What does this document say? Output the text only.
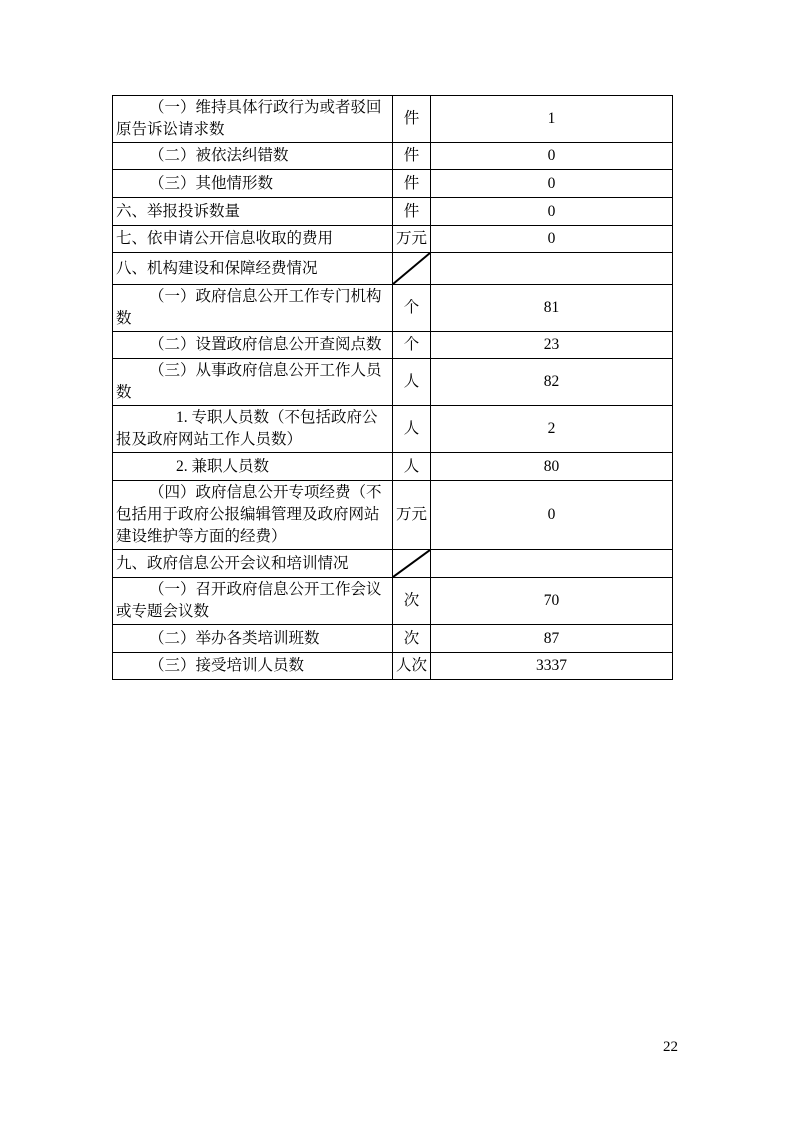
（一）维持具体行政行为或者驳回原告诉讼请求数	件	1
（二）被依法纠错数	件	0
（三）其他情形数	件	0
六、举报投诉数量	件	0
七、依申请公开信息收取的费用	万元	0
八、机构建设和保障经费情况	

（一）政府信息公开工作专门机构数	个	81
（二）设置政府信息公开查阅点数	个	23
（三）从事政府信息公开工作人员数	人	82
1. 专职人员数（不包括政府公报及政府网站工作人员数）	人	2
2. 兼职人员数	人	80
（四）政府信息公开专项经费（不包括用于政府公报编辑管理及政府网站建设维护等方面的经费）	万元	0
九、政府信息公开会议和培训情况	

（一）召开政府信息公开工作会议或专题会议数	次	70
（二）举办各类培训班数	次	87
（三）接受培训人员数	人次	3337
22
